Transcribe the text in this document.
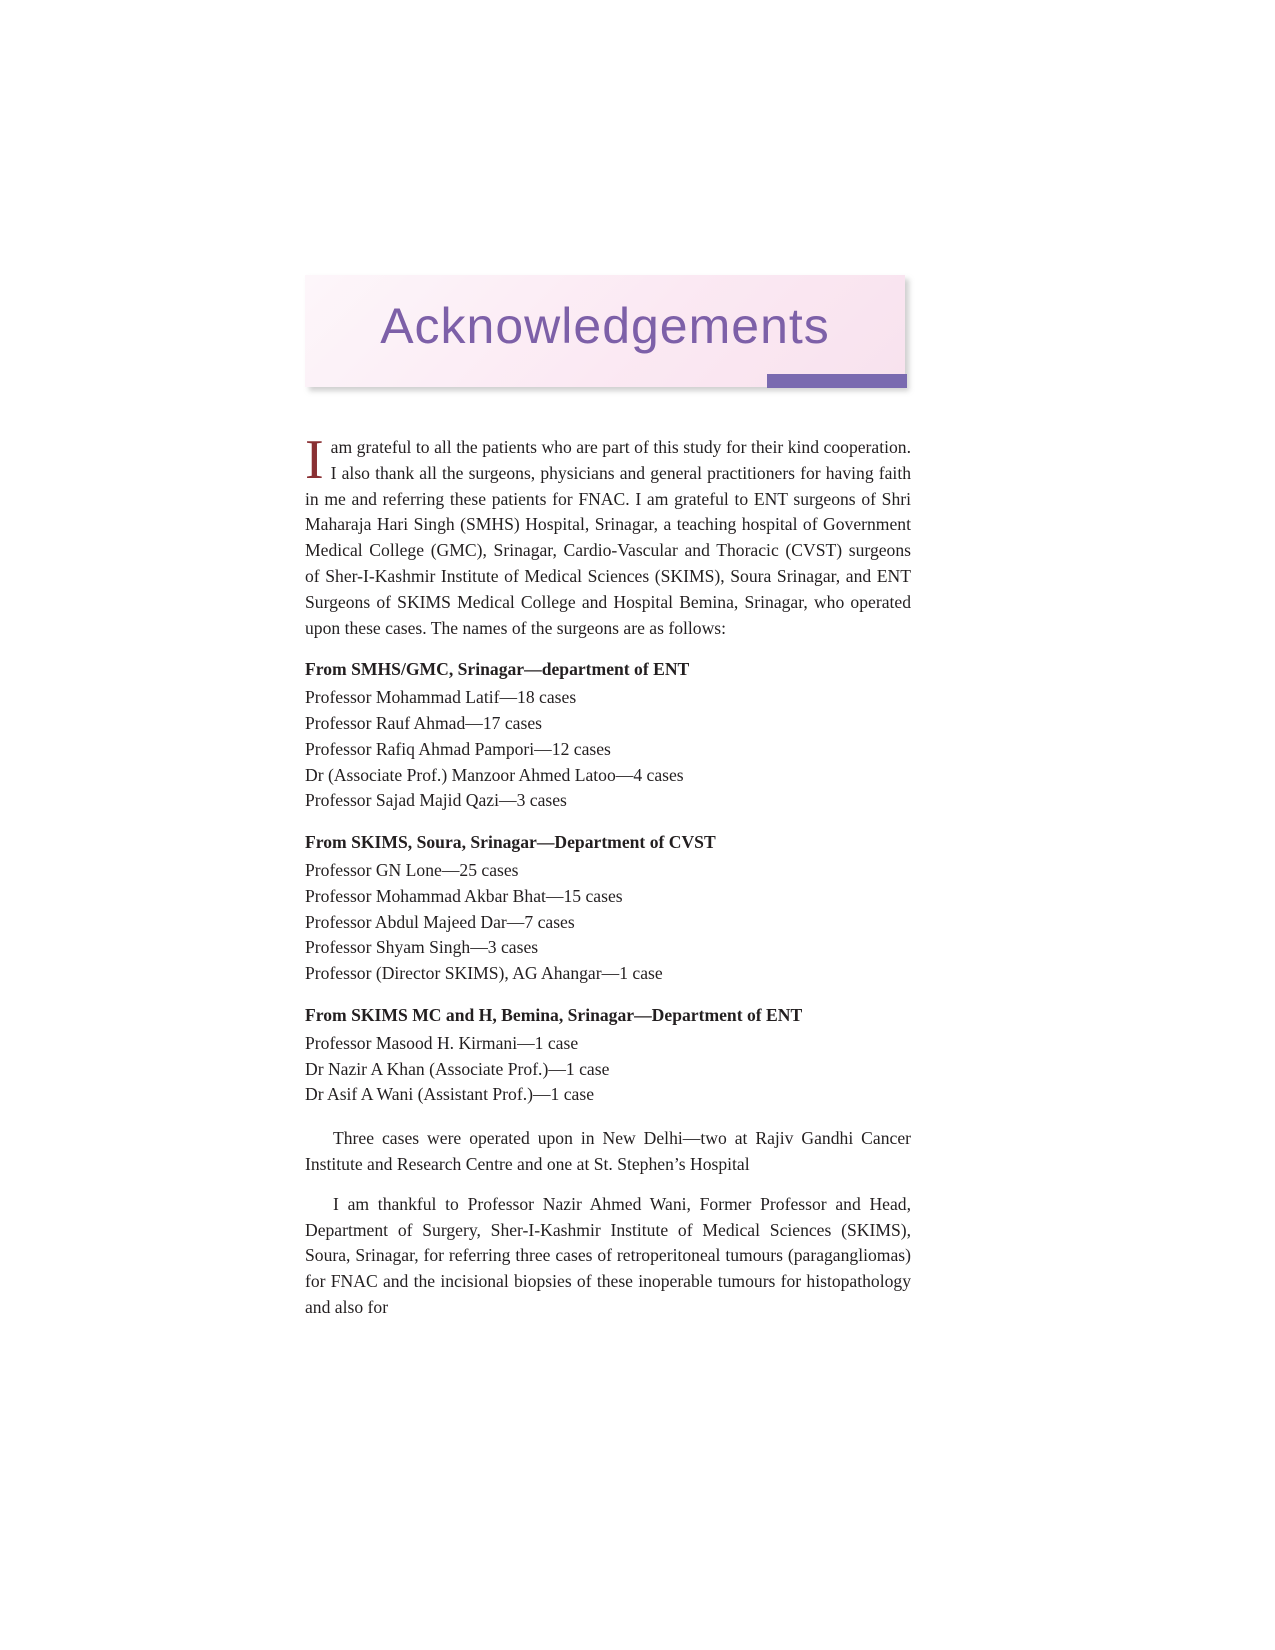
Acknowledgements

Iam grateful to all the patients who are part of this study for their kind cooperation. I also thank all the surgeons, physicians and general practitioners for having faith in me and referring these patients for FNAC. I am grateful to ENT surgeons of Shri Maharaja Hari Singh (SMHS) Hospital, Srinagar, a teaching hospital of Government Medical College (GMC), Srinagar, Cardio-Vascular and Thoracic (CVST) surgeons of Sher-I-Kashmir Institute of Medical Sciences (SKIMS), Soura Srinagar, and ENT Surgeons of SKIMS Medical College and Hospital Bemina, Srinagar, who operated upon these cases. The names of the surgeons are as follows:

From SMHS/GMC, Srinagar—department of ENT

Professor Mohammad Latif—18 cases

Professor Rauf Ahmad—17 cases

Professor Rafiq Ahmad Pampori—12 cases

Dr (Associate Prof.) Manzoor Ahmed Latoo—4 cases

Professor Sajad Majid Qazi—3 cases

From SKIMS, Soura, Srinagar—Department of CVST

Professor GN Lone—25 cases

Professor Mohammad Akbar Bhat—15 cases

Professor Abdul Majeed Dar—7 cases

Professor Shyam Singh—3 cases

Professor (Director SKIMS), AG Ahangar—1 case

From SKIMS MC and H, Bemina, Srinagar—Department of ENT

Professor Masood H. Kirmani—1 case

Dr Nazir A Khan (Associate Prof.)—1 case

Dr Asif A Wani (Assistant Prof.)—1 case

Three cases were operated upon in New Delhi—two at Rajiv Gandhi Cancer Institute and Research Centre and one at St. Stephen’s Hospital

I am thankful to Professor Nazir Ahmed Wani, Former Professor and Head, Department of Surgery, Sher-I-Kashmir Institute of Medical Sciences (SKIMS), Soura, Srinagar, for referring three cases of retroperitoneal tumours (paragangliomas) for FNAC and the incisional biopsies of these inoperable tumours for histopathology and also for
